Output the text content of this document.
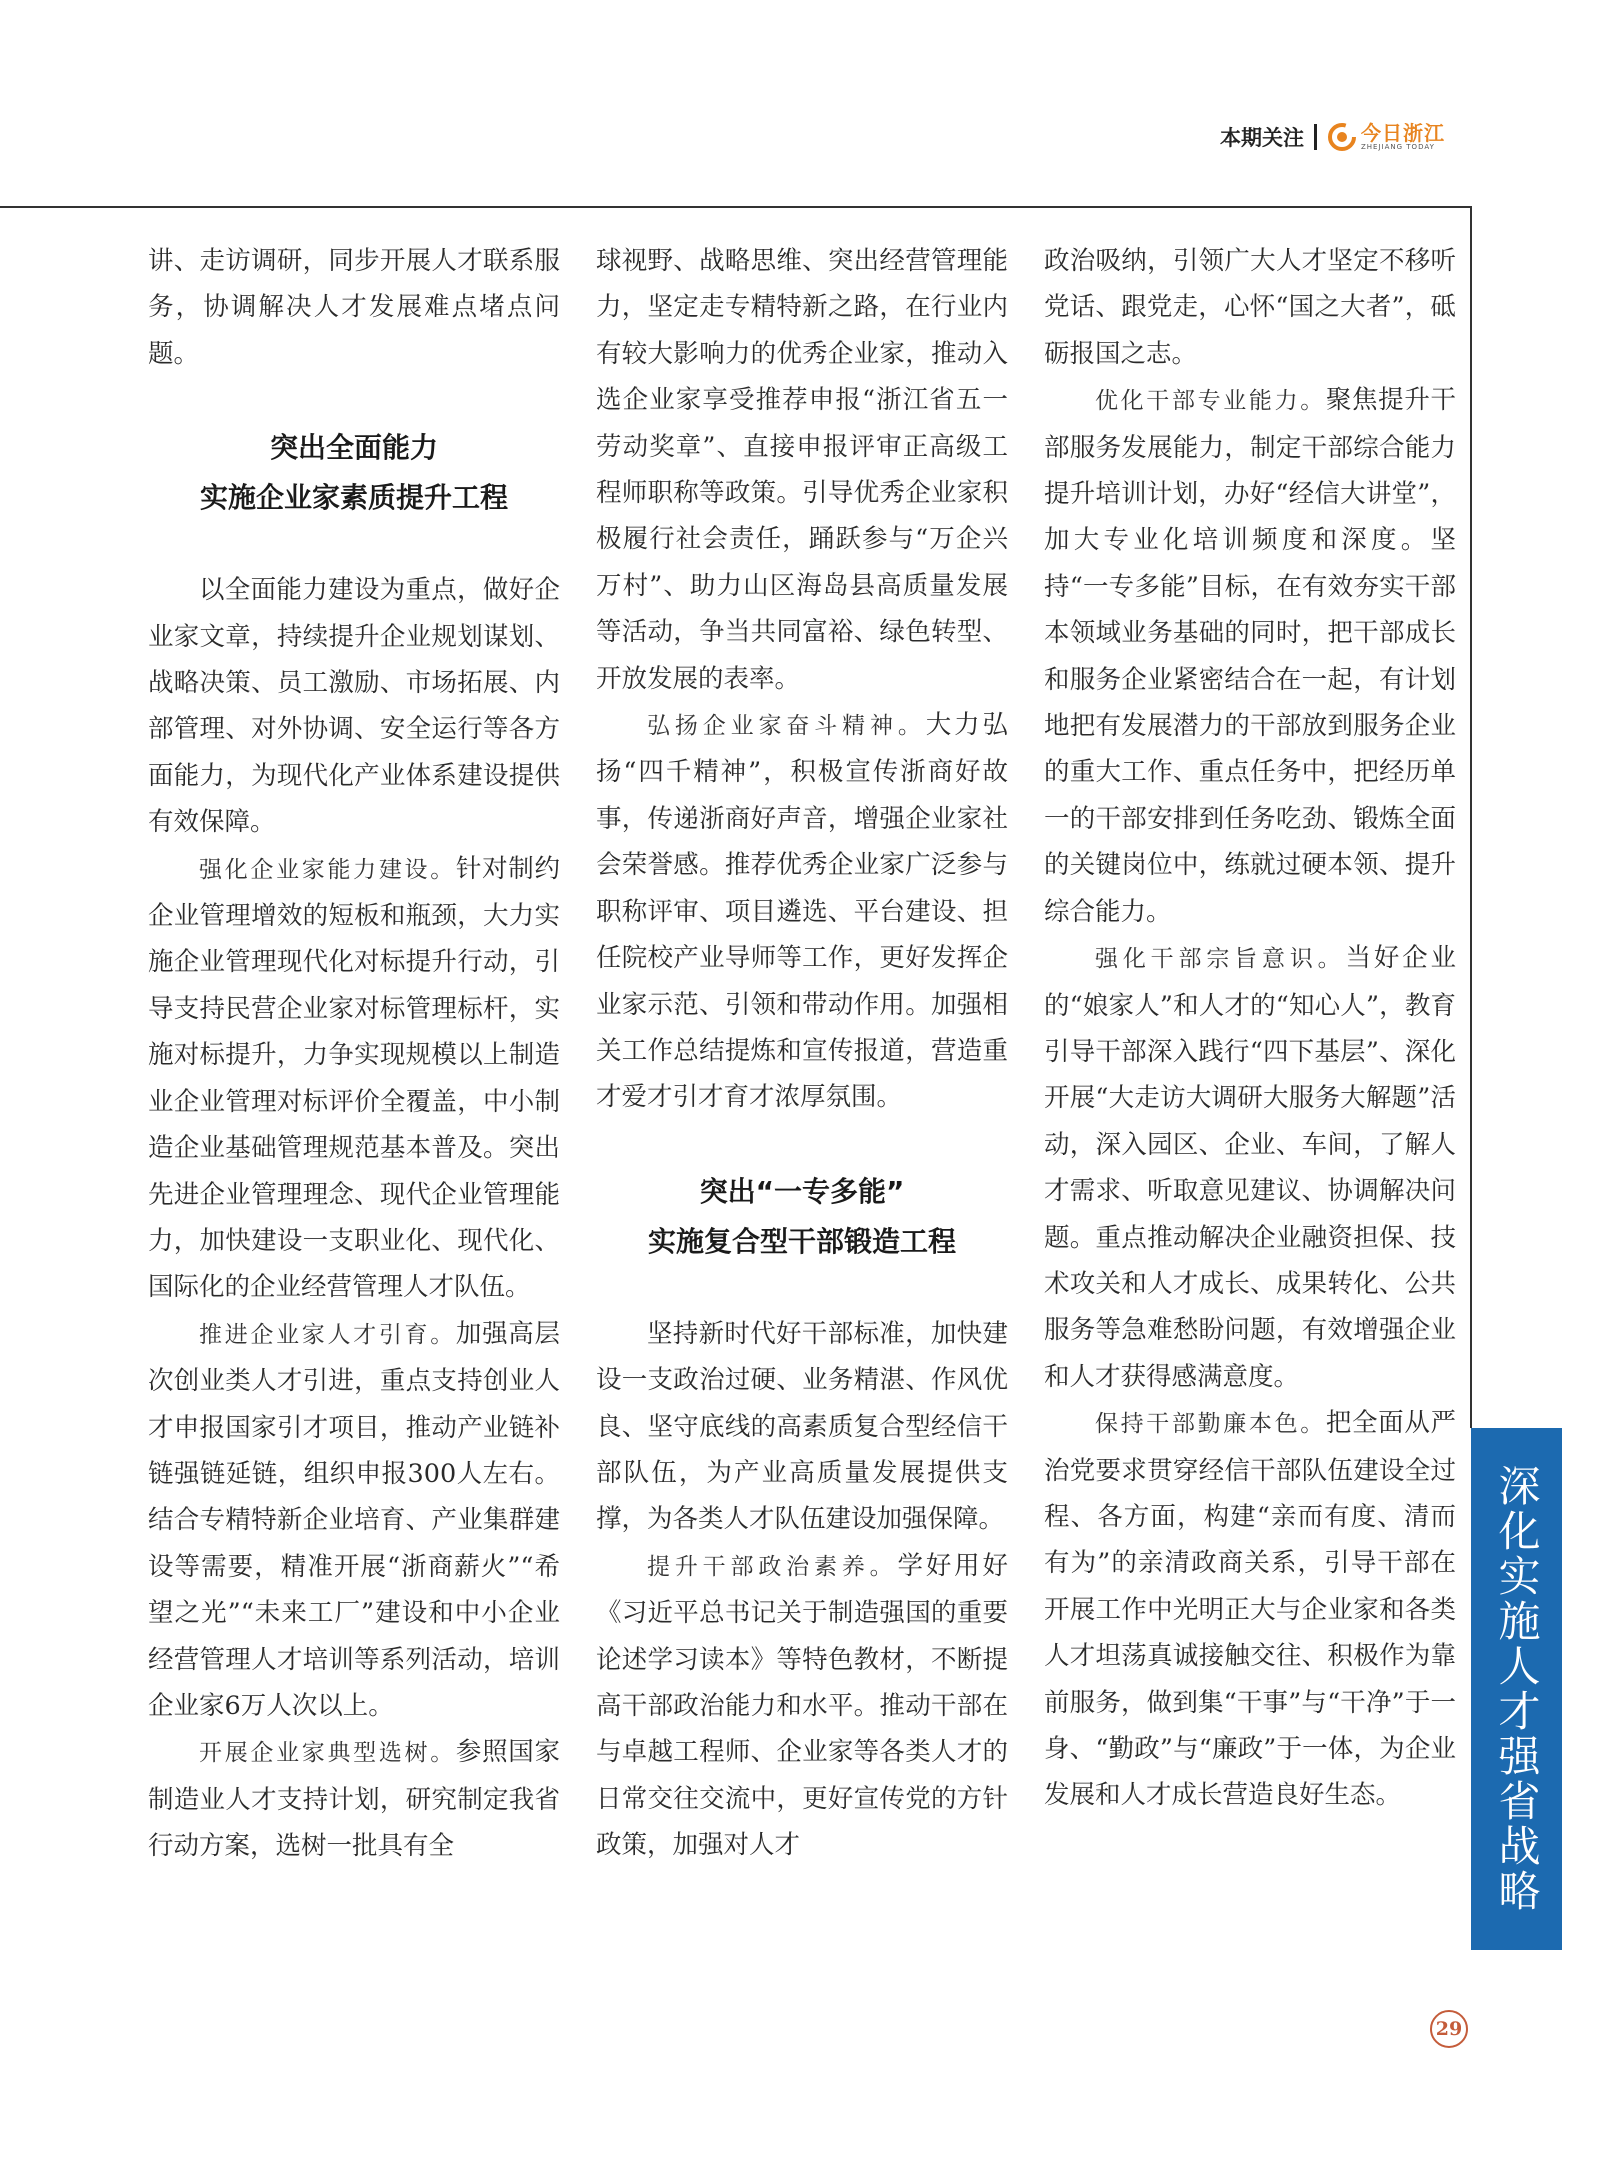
本期关注	今日浙江
ZHEJIANG TODAY

讲、走访调研，同步开展人才联系服务，协调解决人才发展难点堵点问题。

突出全面能力
实施企业家素质提升工程

以全面能力建设为重点，做好企业家文章，持续提升企业规划谋划、战略决策、员工激励、市场拓展、内部管理、对外协调、安全运行等各方面能力，为现代化产业体系建设提供有效保障。

强化企业家能力建设。针对制约企业管理增效的短板和瓶颈，大力实施企业管理现代化对标提升行动，引导支持民营企业家对标管理标杆，实施对标提升，力争实现规模以上制造业企业管理对标评价全覆盖，中小制造企业基础管理规范基本普及。突出先进企业管理理念、现代企业管理能力，加快建设一支职业化、现代化、国际化的企业经营管理人才队伍。

推进企业家人才引育。加强高层次创业类人才引进，重点支持创业人才申报国家引才项目，推动产业链补链强链延链，组织申报300人左右。结合专精特新企业培育、产业集群建设等需要，精准开展“浙商薪火”“希望之光”“未来工厂”建设和中小企业经营管理人才培训等系列活动，培训企业家6万人次以上。

开展企业家典型选树。参照国家制造业人才支持计划，研究制定我省行动方案，选树一批具有全

球视野、战略思维、突出经营管理能力，坚定走专精特新之路，在行业内有较大影响力的优秀企业家，推动入选企业家享受推荐申报“浙江省五一劳动奖章”、直接申报评审正高级工程师职称等政策。引导优秀企业家积极履行社会责任，踊跃参与“万企兴万村”、助力山区海岛县高质量发展等活动，争当共同富裕、绿色转型、开放发展的表率。

弘扬企业家奋斗精神。大力弘扬“四千精神”，积极宣传浙商好故事，传递浙商好声音，增强企业家社会荣誉感。推荐优秀企业家广泛参与职称评审、项目遴选、平台建设、担任院校产业导师等工作，更好发挥企业家示范、引领和带动作用。加强相关工作总结提炼和宣传报道，营造重才爱才引才育才浓厚氛围。

突出“一专多能”
实施复合型干部锻造工程

坚持新时代好干部标准，加快建设一支政治过硬、业务精湛、作风优良、坚守底线的高素质复合型经信干部队伍，为产业高质量发展提供支撑，为各类人才队伍建设加强保障。

提升干部政治素养。学好用好《习近平总书记关于制造强国的重要论述学习读本》等特色教材，不断提高干部政治能力和水平。推动干部在与卓越工程师、企业家等各类人才的日常交往交流中，更好宣传党的方针政策，加强对人才

政治吸纳，引领广大人才坚定不移听党话、跟党走，心怀“国之大者”，砥砺报国之志。

优化干部专业能力。聚焦提升干部服务发展能力，制定干部综合能力提升培训计划，办好“经信大讲堂”，加大专业化培训频度和深度。坚持“一专多能”目标，在有效夯实干部本领域业务基础的同时，把干部成长和服务企业紧密结合在一起，有计划地把有发展潜力的干部放到服务企业的重大工作、重点任务中，把经历单一的干部安排到任务吃劲、锻炼全面的关键岗位中，练就过硬本领、提升综合能力。

强化干部宗旨意识。当好企业的“娘家人”和人才的“知心人”，教育引导干部深入践行“四下基层”、深化开展“大走访大调研大服务大解题”活动，深入园区、企业、车间，了解人才需求、听取意见建议、协调解决问题。重点推动解决企业融资担保、技术攻关和人才成长、成果转化、公共服务等急难愁盼问题，有效增强企业和人才获得感满意度。

保持干部勤廉本色。把全面从严治党要求贯穿经信干部队伍建设全过程、各方面，构建“亲而有度、清而有为”的亲清政商关系，引导干部在开展工作中光明正大与企业家和各类人才坦荡真诚接触交往、积极作为靠前服务，做到集“干事”与“干净”于一身、“勤政”与“廉政”于一体，为企业发展和人才成长营造良好生态。	深化实施人才强省战略
29
